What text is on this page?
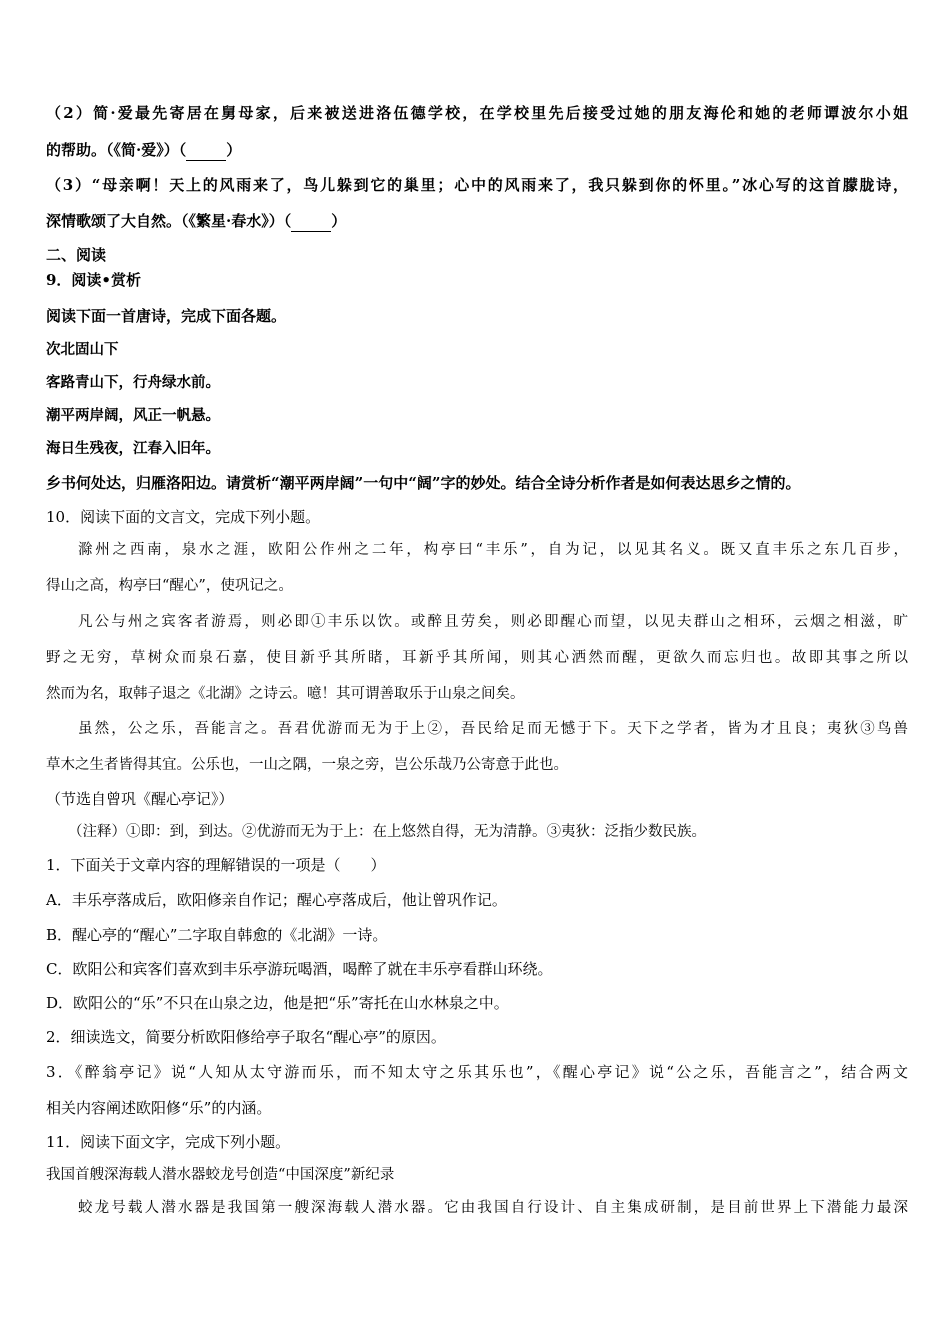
（2）简·爱最先寄居在舅母家，后来被送进洛伍德学校，在学校里先后接受过她的朋友海伦和她的老师谭波尔小姐
的帮助。（《简·爱》）（	）
（3）“母亲啊！天上的风雨来了，鸟儿躲到它的巢里；心中的风雨来了，我只躲到你的怀里。”冰心写的这首朦胧诗，
深情歌颂了大自然。（《繁星·春水》）（	）
二、阅读
9．阅读•赏析
阅读下面一首唐诗，完成下面各题。
次北固山下
客路青山下，行舟绿水前。
潮平两岸阔，风正一帆悬。
海日生残夜，江春入旧年。
乡书何处达，归雁洛阳边。请赏析“潮平两岸阔”一句中“阔”字的妙处。结合全诗分析作者是如何表达思乡之情的。
10．阅读下面的文言文，完成下列小题。
滁州之西南，泉水之涯，欧阳公作州之二年，构亭曰“丰乐”，自为记，以见其名义。既又直丰乐之东几百步，
得山之高，构亭曰“醒心”，使巩记之。
凡公与州之宾客者游焉，则必即①丰乐以饮。或醉且劳矣，则必即醒心而望，以见夫群山之相环，云烟之相滋，旷
野之无穷，草树众而泉石嘉，使目新乎其所睹，耳新乎其所闻，则其心洒然而醒，更欲久而忘归也。故即其事之所以
然而为名，取韩子退之《北湖》之诗云。噫！其可谓善取乐于山泉之间矣。
虽然，公之乐，吾能言之。吾君优游而无为于上②，吾民给足而无憾于下。天下之学者，皆为才且良；夷狄③鸟兽
草木之生者皆得其宜。公乐也，一山之隅，一泉之旁，岂公乐哉乃公寄意于此也。
（节选自曾巩《醒心亭记》）
（注释）①即：到，到达。②优游而无为于上：在上悠然自得，无为清静。③夷狄：泛指少数民族。
1．下面关于文章内容的理解错误的一项是（　　）
A．丰乐亭落成后，欧阳修亲自作记；醒心亭落成后，他让曾巩作记。
B．醒心亭的“醒心”二字取自韩愈的《北湖》一诗。
C．欧阳公和宾客们喜欢到丰乐亭游玩喝酒，喝醉了就在丰乐亭看群山环绕。
D．欧阳公的“乐”不只在山泉之边，他是把“乐”寄托在山水林泉之中。
2．细读选文，简要分析欧阳修给亭子取名“醒心亭”的原因。
3．《醉翁亭记》说“人知从太守游而乐，而不知太守之乐其乐也”，《醒心亭记》说“公之乐，吾能言之”，结合两文
相关内容阐述欧阳修“乐”的内涵。
11．阅读下面文字，完成下列小题。
我国首艘深海载人潜水器蛟龙号创造“中国深度”新纪录
蛟龙号载人潜水器是我国第一艘深海载人潜水器。它由我国自行设计、自主集成研制，是目前世界上下潜能力最深
